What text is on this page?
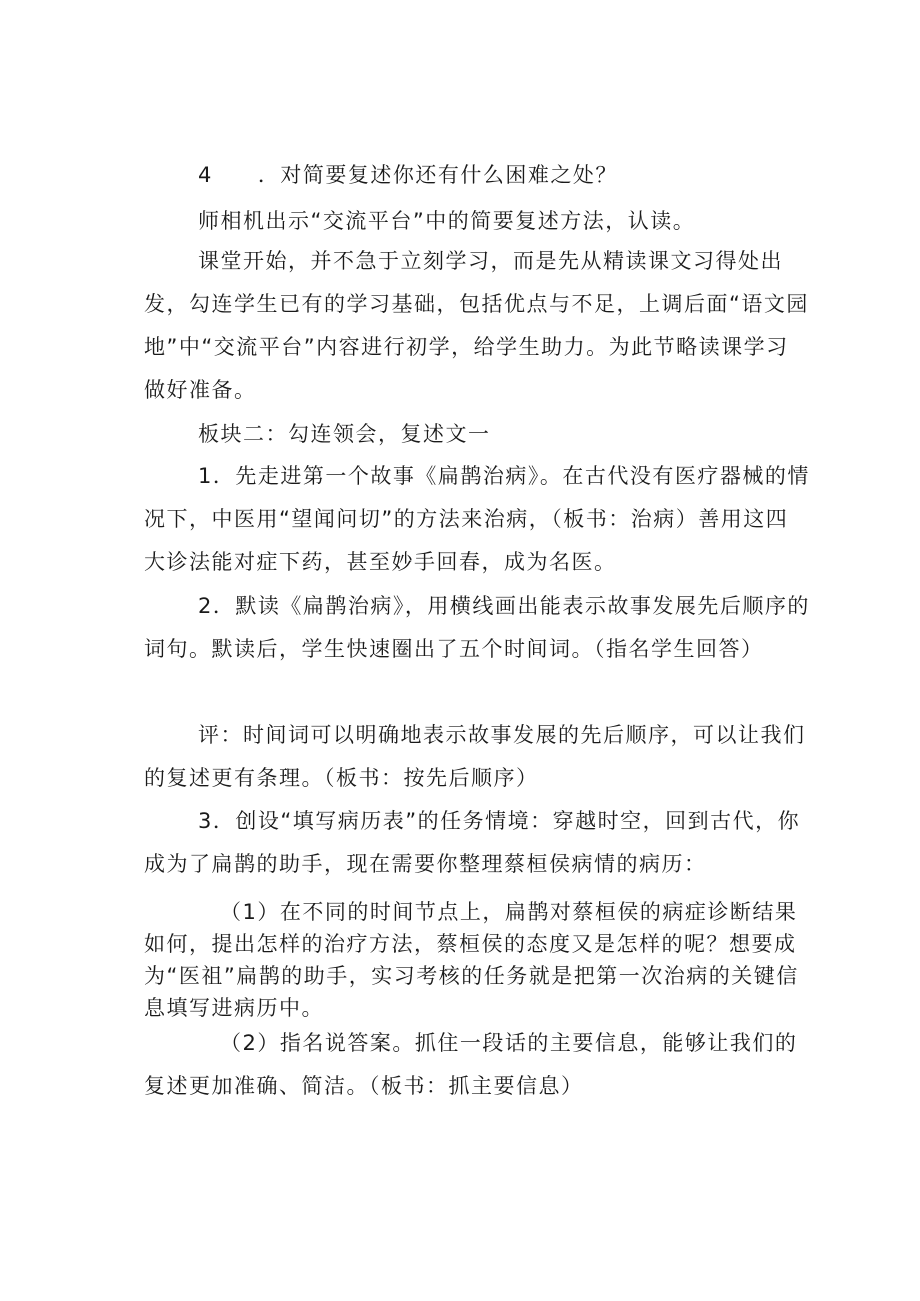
4　　．对简要复述你还有什么困难之处？

师相机出示“交流平台”中的简要复述方法，认读。

课堂开始，并不急于立刻学习，而是先从精读课文习得处出发，勾连学生已有的学习基础，包括优点与不足，上调后面“语文园地”中“交流平台”内容进行初学，给学生助力。为此节略读课学习做好准备。

板块二：勾连领会，复述文一

1．先走进第一个故事《扁鹊治病》。在古代没有医疗器械的情况下，中医用“望闻问切”的方法来治病，（板书：治病）善用这四大诊法能对症下药，甚至妙手回春，成为名医。

2．默读《扁鹊治病》，用横线画出能表示故事发展先后顺序的词句。默读后，学生快速圈出了五个时间词。（指名学生回答）

评：时间词可以明确地表示故事发展的先后顺序，可以让我们的复述更有条理。（板书：按先后顺序）

3．创设“填写病历表”的任务情境：穿越时空，回到古代，你成为了扁鹊的助手，现在需要你整理蔡桓侯病情的病历：

（1）在不同的时间节点上，扁鹊对蔡桓侯的病症诊断结果如何，提出怎样的治疗方法，蔡桓侯的态度又是怎样的呢？想要成为“医祖”扁鹊的助手，实习考核的任务就是把第一次治病的关键信息填写进病历中。

（2）指名说答案。抓住一段话的主要信息，能够让我们的复述更加准确、简洁。（板书：抓主要信息）
